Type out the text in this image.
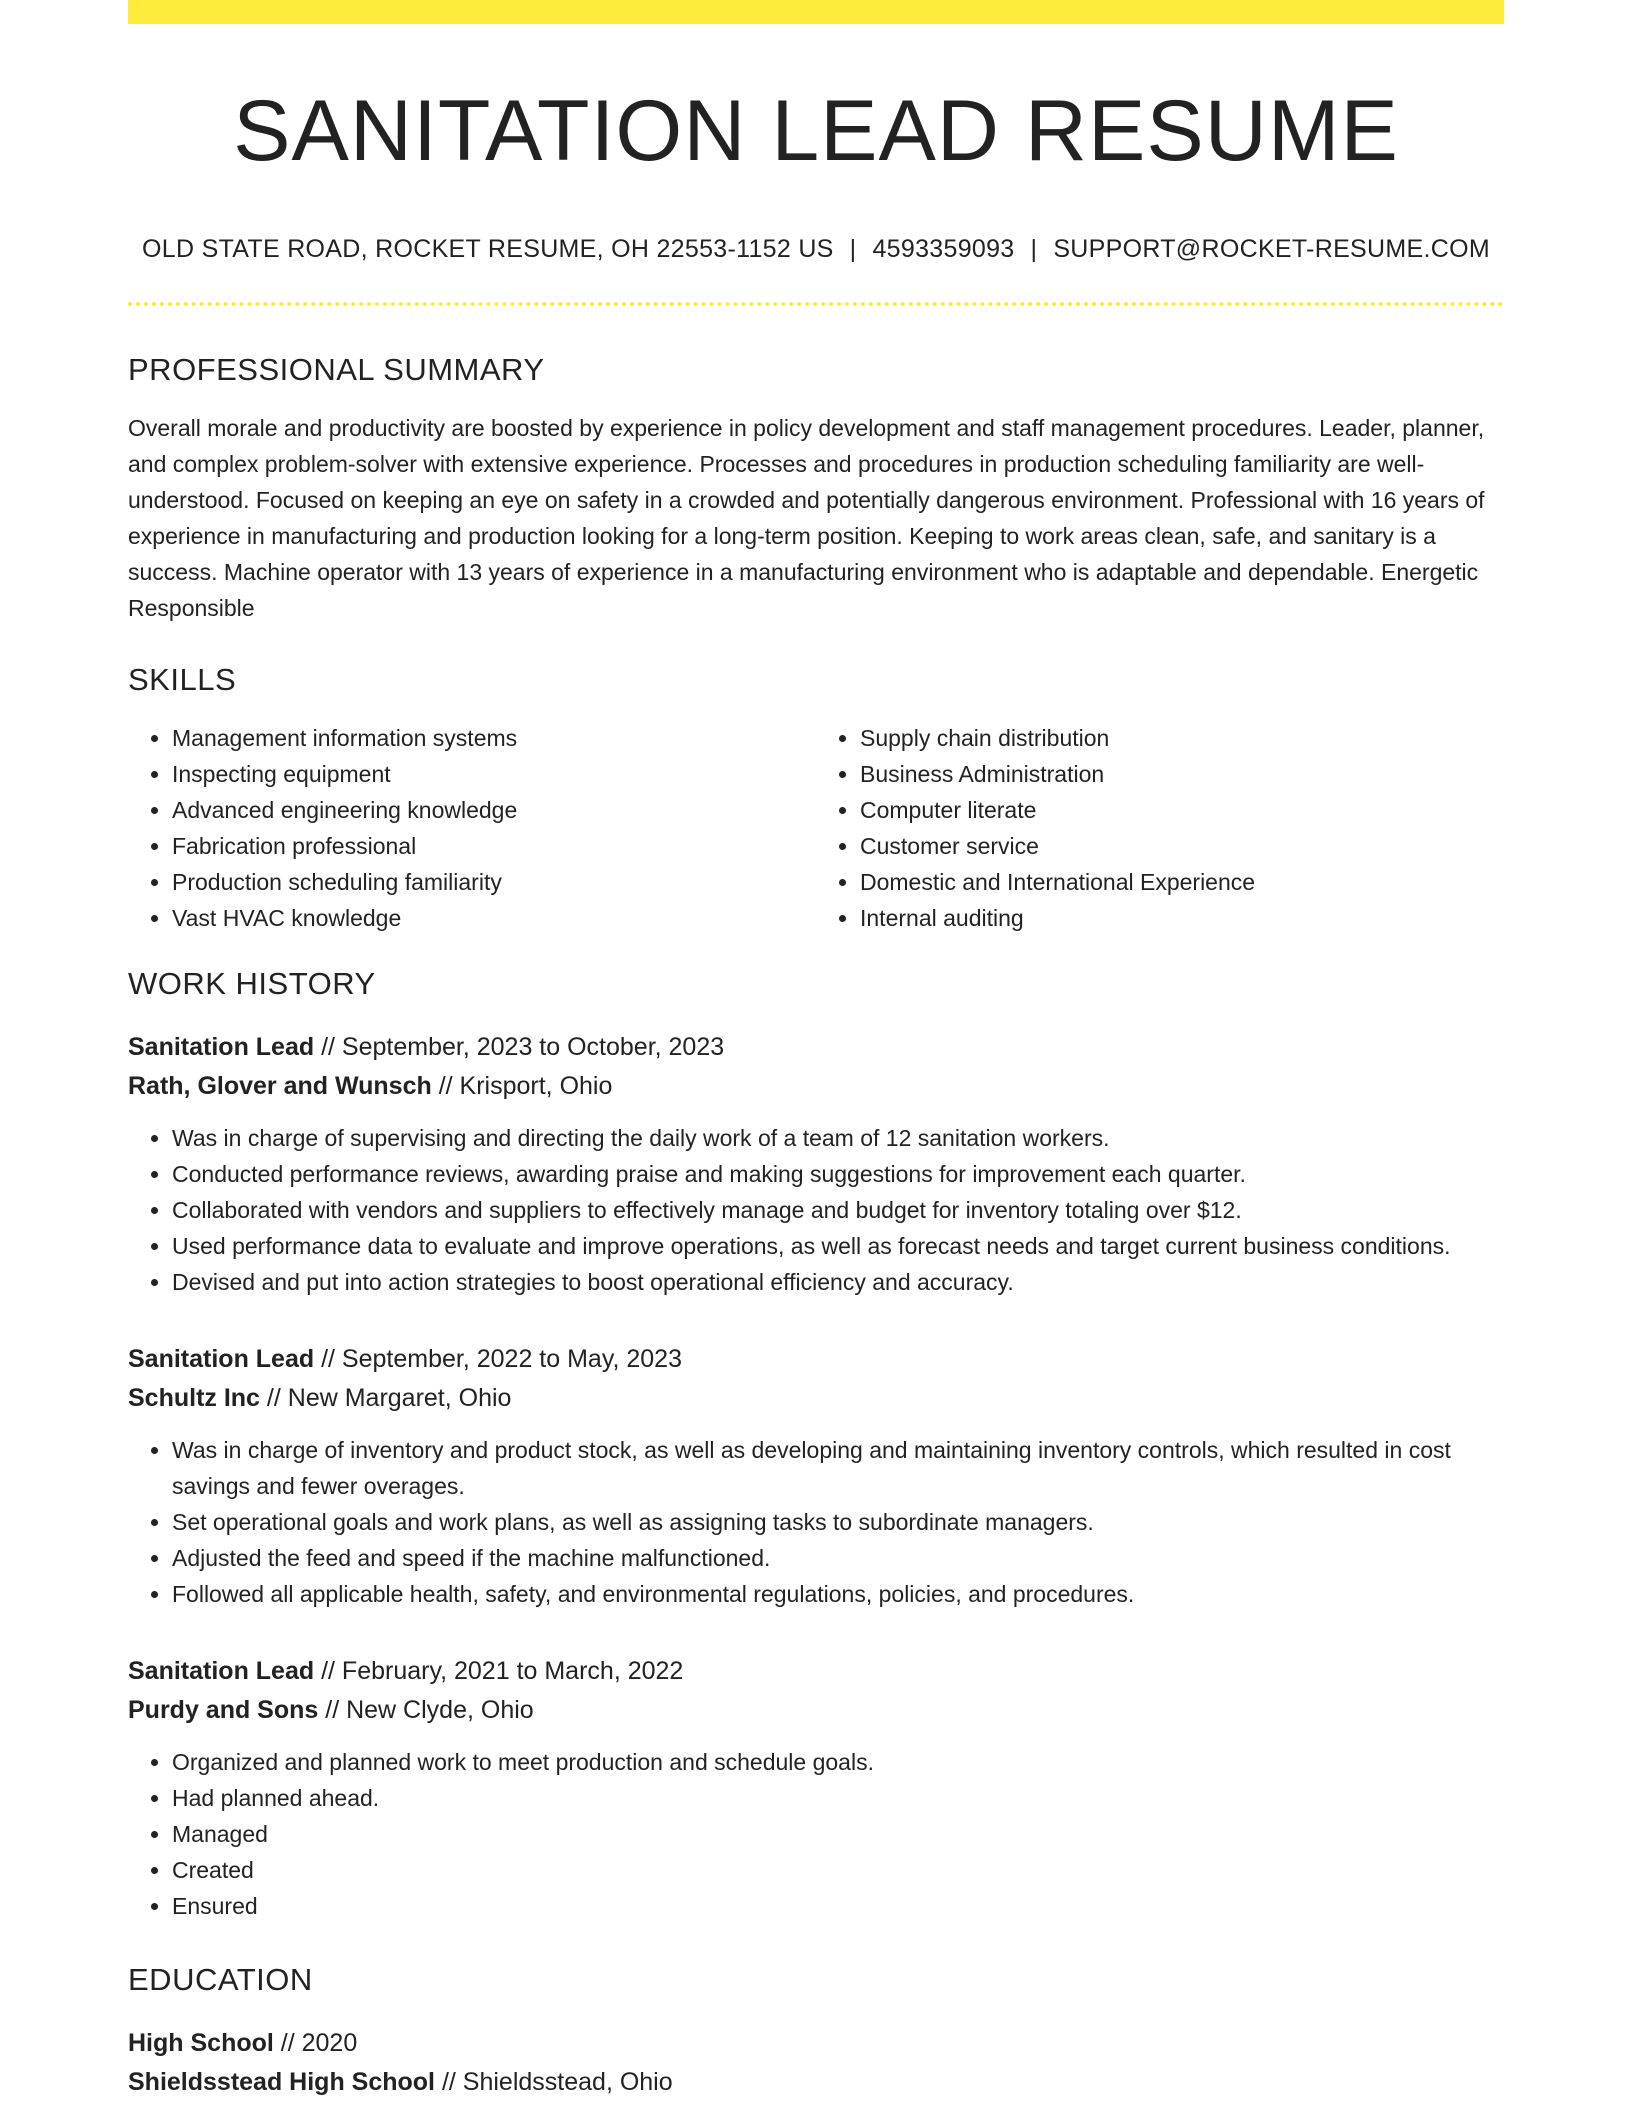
SANITATION LEAD RESUME
OLD STATE ROAD, ROCKET RESUME, OH 22553-1152 US | 4593359093 | SUPPORT@ROCKET-RESUME.COM
PROFESSIONAL SUMMARY
Overall morale and productivity are boosted by experience in policy development and staff management procedures. Leader, planner, and complex problem-solver with extensive experience. Processes and procedures in production scheduling familiarity are well-understood. Focused on keeping an eye on safety in a crowded and potentially dangerous environment. Professional with 16 years of experience in manufacturing and production looking for a long-term position. Keeping to work areas clean, safe, and sanitary is a success. Machine operator with 13 years of experience in a manufacturing environment who is adaptable and dependable. Energetic Responsible
SKILLS
• Management information systems
• Inspecting equipment
• Advanced engineering knowledge
• Fabrication professional
• Production scheduling familiarity
• Vast HVAC knowledge
• Supply chain distribution
• Business Administration
• Computer literate
• Customer service
• Domestic and International Experience
• Internal auditing
WORK HISTORY
Sanitation Lead // September, 2023 to October, 2023
Rath, Glover and Wunsch // Krisport, Ohio
• Was in charge of supervising and directing the daily work of a team of 12 sanitation workers.
• Conducted performance reviews, awarding praise and making suggestions for improvement each quarter.
• Collaborated with vendors and suppliers to effectively manage and budget for inventory totaling over $12.
• Used performance data to evaluate and improve operations, as well as forecast needs and target current business conditions.
• Devised and put into action strategies to boost operational efficiency and accuracy.
Sanitation Lead // September, 2022 to May, 2023
Schultz Inc // New Margaret, Ohio
• Was in charge of inventory and product stock, as well as developing and maintaining inventory controls, which resulted in cost savings and fewer overages.
• Set operational goals and work plans, as well as assigning tasks to subordinate managers.
• Adjusted the feed and speed if the machine malfunctioned.
• Followed all applicable health, safety, and environmental regulations, policies, and procedures.
Sanitation Lead // February, 2021 to March, 2022
Purdy and Sons // New Clyde, Ohio
• Organized and planned work to meet production and schedule goals.
• Had planned ahead.
• Managed
• Created
• Ensured
EDUCATION
High School // 2020
Shieldsstead High School // Shieldsstead, Ohio
